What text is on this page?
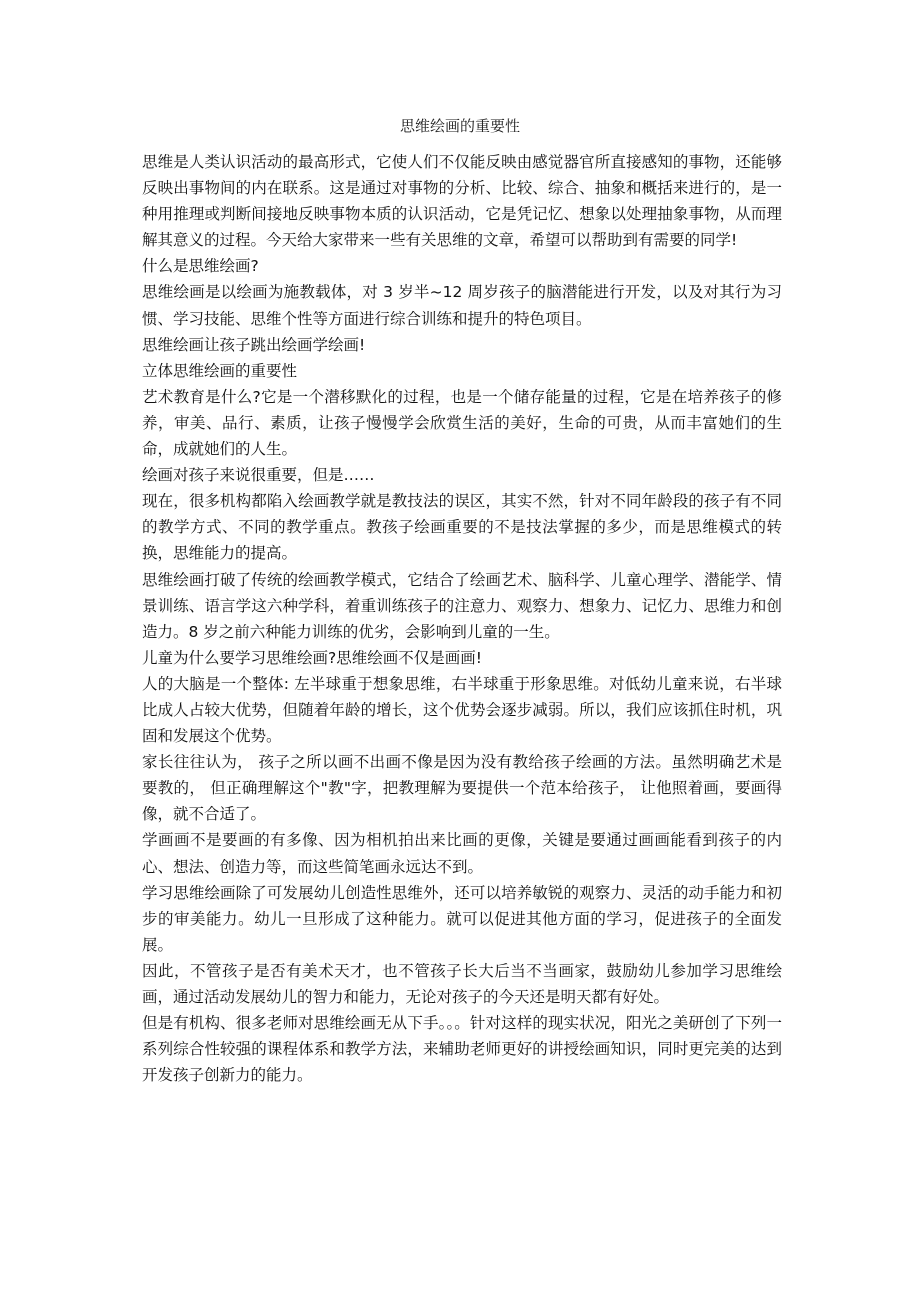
思维绘画的重要性

思维是人类认识活动的最高形式，它使人们不仅能反映由感觉器官所直接感知的事物，还能够反映出事物间的内在联系。这是通过对事物的分析、比较、综合、抽象和概括来进行的，是一种用推理或判断间接地反映事物本质的认识活动，它是凭记忆、想象以处理抽象事物，从而理解其意义的过程。今天给大家带来一些有关思维的文章，希望可以帮助到有需要的同学!

什么是思维绘画?

思维绘画是以绘画为施教载体，对 3 岁半~12 周岁孩子的脑潜能进行开发，以及对其行为习惯、学习技能、思维个性等方面进行综合训练和提升的特色项目。

思维绘画让孩子跳出绘画学绘画!

立体思维绘画的重要性

艺术教育是什么?它是一个潜移默化的过程，也是一个储存能量的过程，它是在培养孩子的修养，审美、品行、素质，让孩子慢慢学会欣赏生活的美好，生命的可贵，从而丰富她们的生命，成就她们的人生。

绘画对孩子来说很重要，但是……

现在，很多机构都陷入绘画教学就是教技法的误区，其实不然，针对不同年龄段的孩子有不同的教学方式、不同的教学重点。教孩子绘画重要的不是技法掌握的多少，而是思维模式的转换，思维能力的提高。

思维绘画打破了传统的绘画教学模式，它结合了绘画艺术、脑科学、儿童心理学、潜能学、情景训练、语言学这六种学科，着重训练孩子的注意力、观察力、想象力、记忆力、思维力和创造力。8 岁之前六种能力训练的优劣，会影响到儿童的一生。

儿童为什么要学习思维绘画?思维绘画不仅是画画!

人的大脑是一个整体: 左半球重于想象思维，右半球重于形象思维。对低幼儿童来说，右半球比成人占较大优势，但随着年龄的增长，这个优势会逐步减弱。所以，我们应该抓住时机，巩固和发展这个优势。

家长往往认为， 孩子之所以画不出画不像是因为没有教给孩子绘画的方法。虽然明确艺术是要教的， 但正确理解这个"教"字，把教理解为要提供一个范本给孩子， 让他照着画，要画得像，就不合适了。

学画画不是要画的有多像、因为相机拍出来比画的更像，关键是要通过画画能看到孩子的内心、想法、创造力等，而这些简笔画永远达不到。

学习思维绘画除了可发展幼儿创造性思维外，还可以培养敏锐的观察力、灵活的动手能力和初步的审美能力。幼儿一旦形成了这种能力。就可以促进其他方面的学习，促进孩子的全面发展。

因此，不管孩子是否有美术天才，也不管孩子长大后当不当画家，鼓励幼儿参加学习思维绘画，通过活动发展幼儿的智力和能力，无论对孩子的今天还是明天都有好处。

但是有机构、很多老师对思维绘画无从下手。。。针对这样的现实状况，阳光之美研创了下列一系列综合性较强的课程体系和教学方法，来辅助老师更好的讲授绘画知识，同时更完美的达到开发孩子创新力的能力。
